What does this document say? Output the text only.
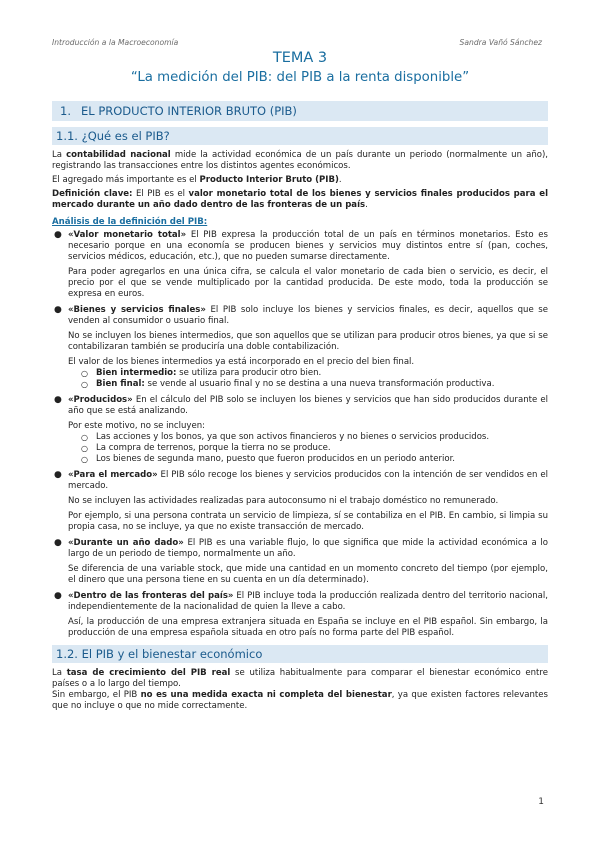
Introducción a la Macroeconomía	Sandra Vañó Sánchez
TEMA 3
“La medición del PIB: del PIB a la renta disponible”
1. EL PRODUCTO INTERIOR BRUTO (PIB)
1.1. ¿Qué es el PIB?

La contabilidad nacional mide la actividad económica de un país durante un periodo (normalmente un año), registrando las transacciones entre los distintos agentes económicos.

El agregado más importante es el Producto Interior Bruto (PIB).

Definición clave: El PIB es el valor monetario total de los bienes y servicios finales producidos para el mercado durante un año dado dentro de las fronteras de un país.

Análisis de la definición del PIB:
● «Valor monetario total» El PIB expresa la producción total de un país en términos monetarios. Esto es necesario porque en una economía se producen bienes y servicios muy distintos entre sí (pan, coches, servicios médicos, educación, etc.), que no pueden sumarse directamente.

Para poder agregarlos en una única cifra, se calcula el valor monetario de cada bien o servicio, es decir, el precio por el que se vende multiplicado por la cantidad producida. De este modo, toda la producción se expresa en euros.

● «Bienes y servicios finales» El PIB solo incluye los bienes y servicios finales, es decir, aquellos que se venden al consumidor o usuario final.

No se incluyen los bienes intermedios, que son aquellos que se utilizan para producir otros bienes, ya que si se contabilizaran también se produciría una doble contabilización.

El valor de los bienes intermedios ya está incorporado en el precio del bien final.

○ Bien intermedio: se utiliza para producir otro bien.

○ Bien final: se vende al usuario final y no se destina a una nueva transformación productiva.

● «Producidos» En el cálculo del PIB solo se incluyen los bienes y servicios que han sido producidos durante el año que se está analizando.

Por este motivo, no se incluyen:

○ Las acciones y los bonos, ya que son activos financieros y no bienes o servicios producidos.

○ La compra de terrenos, porque la tierra no se produce.

○ Los bienes de segunda mano, puesto que fueron producidos en un periodo anterior.

● «Para el mercado» El PIB sólo recoge los bienes y servicios producidos con la intención de ser vendidos en el mercado.

No se incluyen las actividades realizadas para autoconsumo ni el trabajo doméstico no remunerado.

Por ejemplo, si una persona contrata un servicio de limpieza, sí se contabiliza en el PIB. En cambio, si limpia su propia casa, no se incluye, ya que no existe transacción de mercado.

● «Durante un año dado» El PIB es una variable flujo, lo que significa que mide la actividad económica a lo largo de un periodo de tiempo, normalmente un año.

Se diferencia de una variable stock, que mide una cantidad en un momento concreto del tiempo (por ejemplo, el dinero que una persona tiene en su cuenta en un día determinado).

● «Dentro de las fronteras del país» El PIB incluye toda la producción realizada dentro del territorio nacional, independientemente de la nacionalidad de quien la lleve a cabo.

Así, la producción de una empresa extranjera situada en España se incluye en el PIB español. Sin embargo, la producción de una empresa española situada en otro país no forma parte del PIB español.

1.2. El PIB y el bienestar económico

La tasa de crecimiento del PIB real se utiliza habitualmente para comparar el bienestar económico entre países o a lo largo del tiempo.

Sin embargo, el PIB no es una medida exacta ni completa del bienestar, ya que existen factores relevantes que no incluye o que no mide correctamente.

1
